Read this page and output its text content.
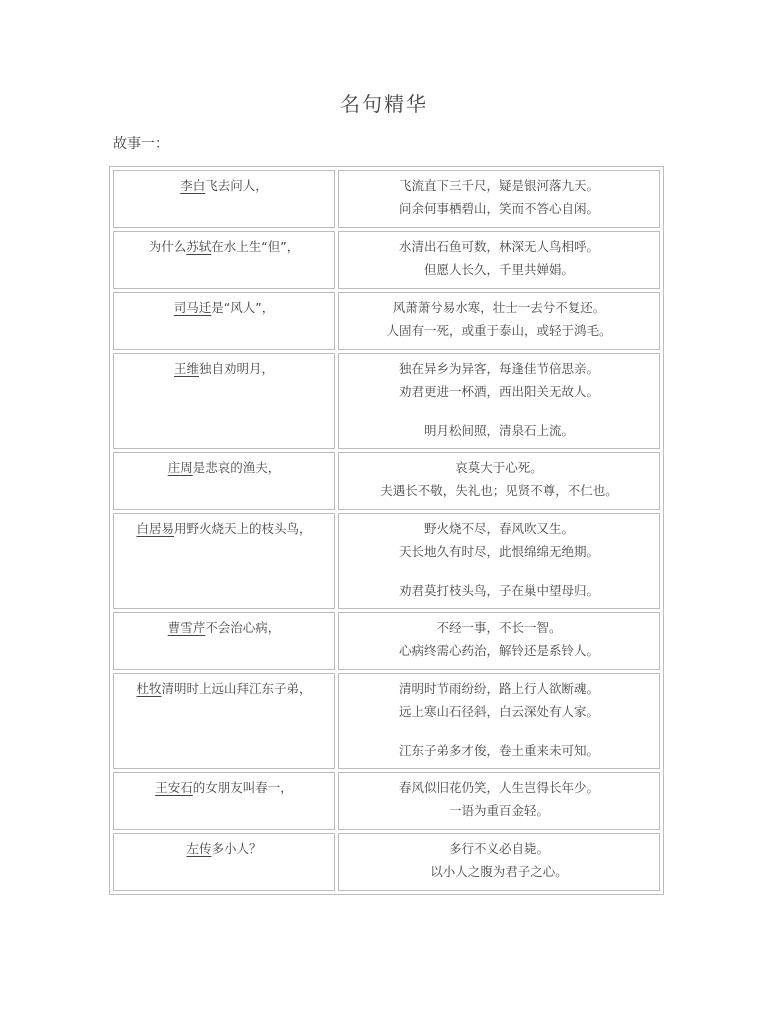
名句精华
故事一：
李白飞去问人，	飞流直下三千尺，疑是银河落九天。
问余何事栖碧山，笑而不答心自闲。

为什么苏轼在水上生“但”，	水清出石鱼可数，林深无人鸟相呼。
但愿人长久，千里共婵娟。

司马迁是“风人”，	风萧萧兮易水寒，壮士一去兮不复还。
人固有一死，或重于泰山，或轻于鸿毛。

王维独自劝明月，	独在异乡为异客，每逢佳节倍思亲。
劝君更进一杯酒，西出阳关无故人。
明月松间照，清泉石上流。

庄周是悲哀的渔夫，	哀莫大于心死。
夫遇长不敬，失礼也；见贤不尊，不仁也。

白居易用野火烧天上的枝头鸟，	野火烧不尽，春风吹又生。
天长地久有时尽，此恨绵绵无绝期。
劝君莫打枝头鸟，子在巢中望母归。

曹雪芹不会治心病，	不经一事，不长一智。
心病终需心药治，解铃还是系铃人。

杜牧清明时上远山拜江东子弟，	清明时节雨纷纷，路上行人欲断魂。
远上寒山石径斜，白云深处有人家。
江东子弟多才俊，卷土重来未可知。

王安石的女朋友叫春一，	春风似旧花仍笑，人生岂得长年少。
一语为重百金轻。

左传多小人？	多行不义必自毙。
以小人之腹为君子之心。
